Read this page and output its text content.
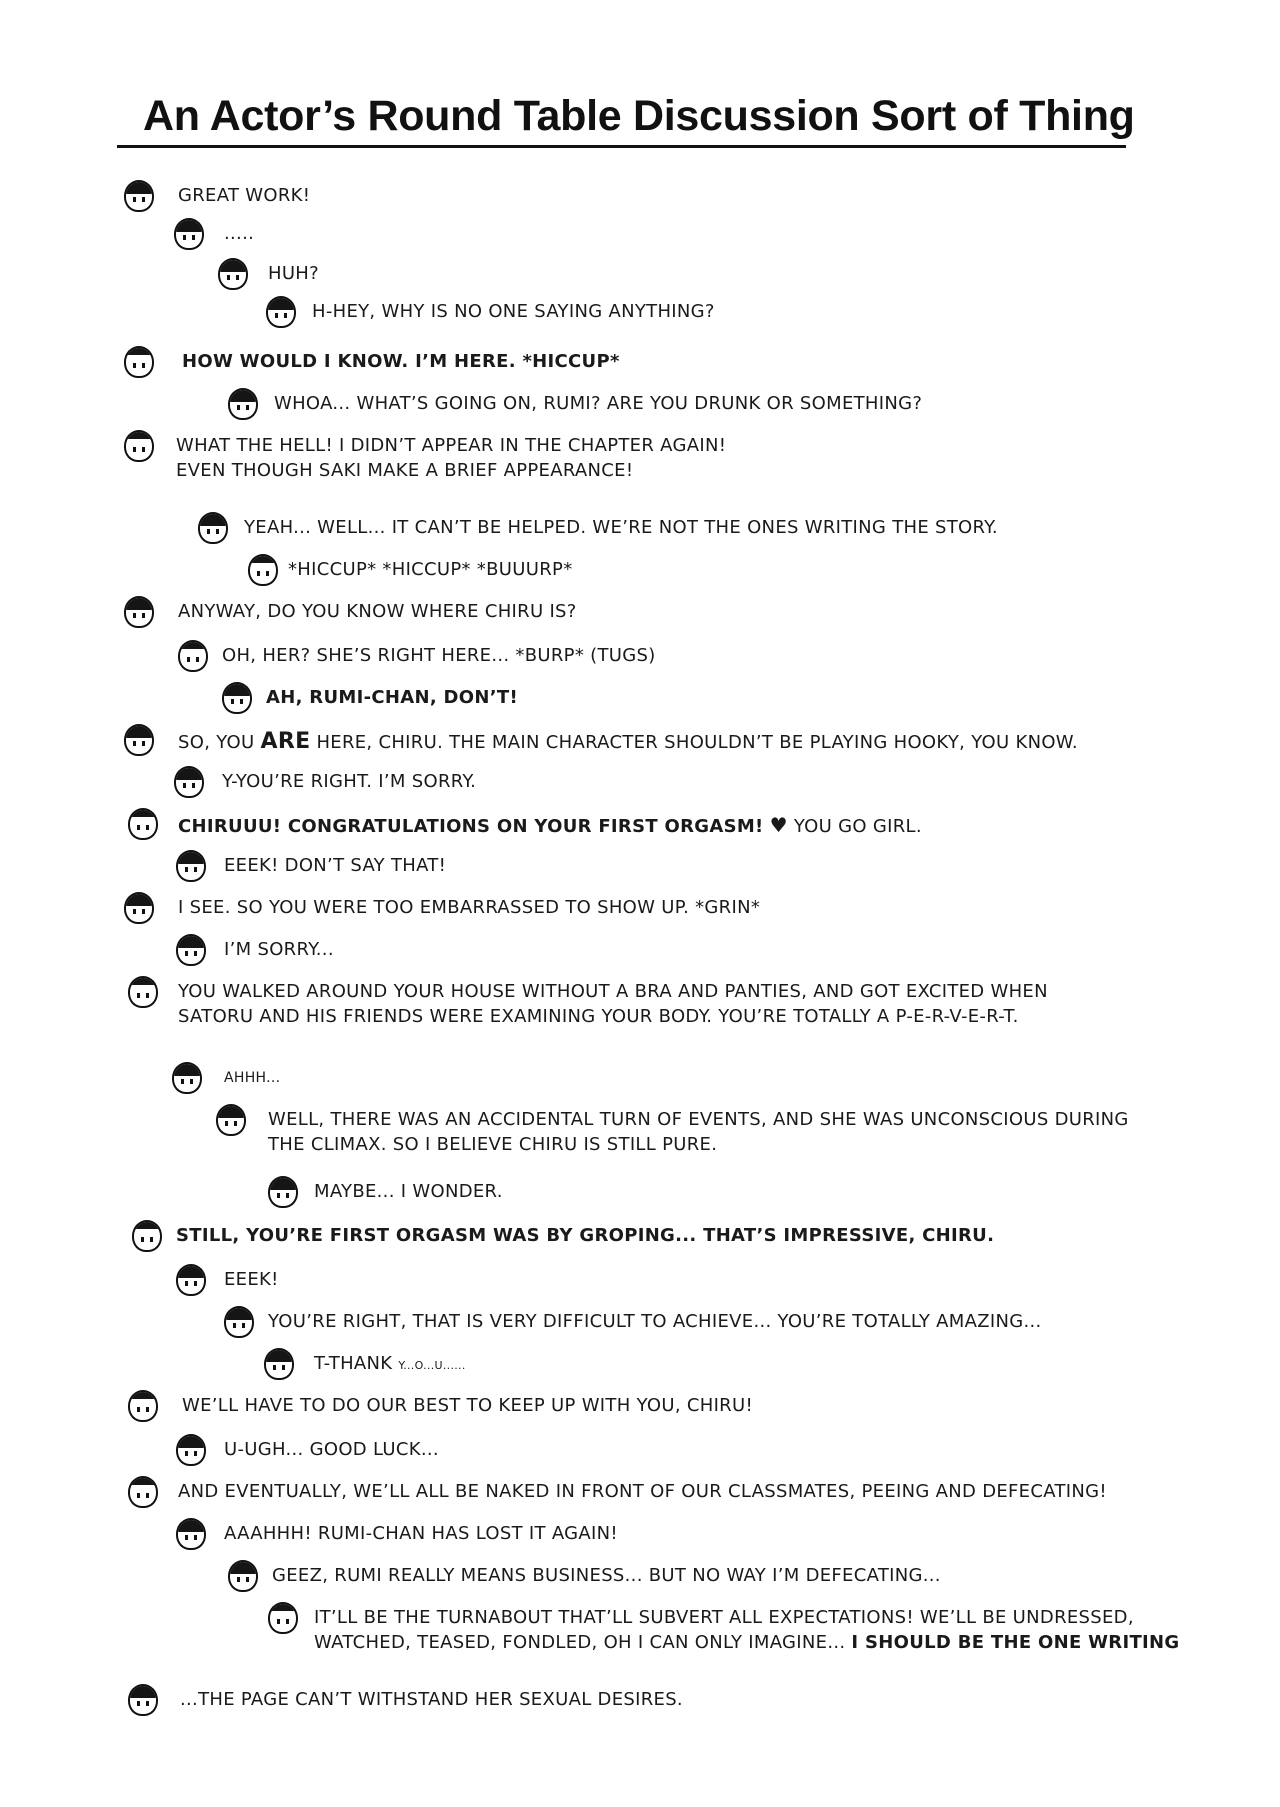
An Actor’s Round Table Discussion Sort of Thing
GREAT WORK!
.....
HUH?
H-HEY, WHY IS NO ONE SAYING ANYTHING?
HOW WOULD I KNOW. I’M HERE. *HICCUP*
WHOA... WHAT’S GOING ON, RUMI? ARE YOU DRUNK OR SOMETHING?
WHAT THE HELL! I DIDN’T APPEAR IN THE CHAPTER AGAIN!
EVEN THOUGH SAKI MAKE A BRIEF APPEARANCE!
YEAH... WELL... IT CAN’T BE HELPED. WE’RE NOT THE ONES WRITING THE STORY.
*HICCUP* *HICCUP* *BUUURP*
ANYWAY, DO YOU KNOW WHERE CHIRU IS?
OH, HER? SHE’S RIGHT HERE... *BURP* (TUGS)
AH, RUMI-CHAN, DON’T!
SO, YOU ARE HERE, CHIRU. THE MAIN CHARACTER SHOULDN’T BE PLAYING HOOKY, YOU KNOW.
Y-YOU’RE RIGHT. I’M SORRY.
CHIRUUU! CONGRATULATIONS ON YOUR FIRST ORGASM! ♥ YOU GO GIRL.
EEEK! DON’T SAY THAT!
I SEE. SO YOU WERE TOO EMBARRASSED TO SHOW UP. *GRIN*
I’M SORRY...
YOU WALKED AROUND YOUR HOUSE WITHOUT A BRA AND PANTIES, AND GOT EXCITED WHEN
SATORU AND HIS FRIENDS WERE EXAMINING YOUR BODY. YOU’RE TOTALLY A P-E-R-V-E-R-T.
AHHH...
WELL, THERE WAS AN ACCIDENTAL TURN OF EVENTS, AND SHE WAS UNCONSCIOUS DURING
THE CLIMAX. SO I BELIEVE CHIRU IS STILL PURE.
MAYBE... I WONDER.
STILL, YOU’RE FIRST ORGASM WAS BY GROPING... THAT’S IMPRESSIVE, CHIRU.
EEEK!
YOU’RE RIGHT, THAT IS VERY DIFFICULT TO ACHIEVE... YOU’RE TOTALLY AMAZING...
T-THANK Y...O...U......
WE’LL HAVE TO DO OUR BEST TO KEEP UP WITH YOU, CHIRU!
U-UGH... GOOD LUCK...
AND EVENTUALLY, WE’LL ALL BE NAKED IN FRONT OF OUR CLASSMATES, PEEING AND DEFECATING!
AAAHHH! RUMI-CHAN HAS LOST IT AGAIN!
GEEZ, RUMI REALLY MEANS BUSINESS... BUT NO WAY I’M DEFECATING...
IT’LL BE THE TURNABOUT THAT’LL SUBVERT ALL EXPECTATIONS! WE’LL BE UNDRESSED,
WATCHED, TEASED, FONDLED, OH I CAN ONLY IMAGINE... I SHOULD BE THE ONE WRITING
...THE PAGE CAN’T WITHSTAND HER SEXUAL DESIRES.
